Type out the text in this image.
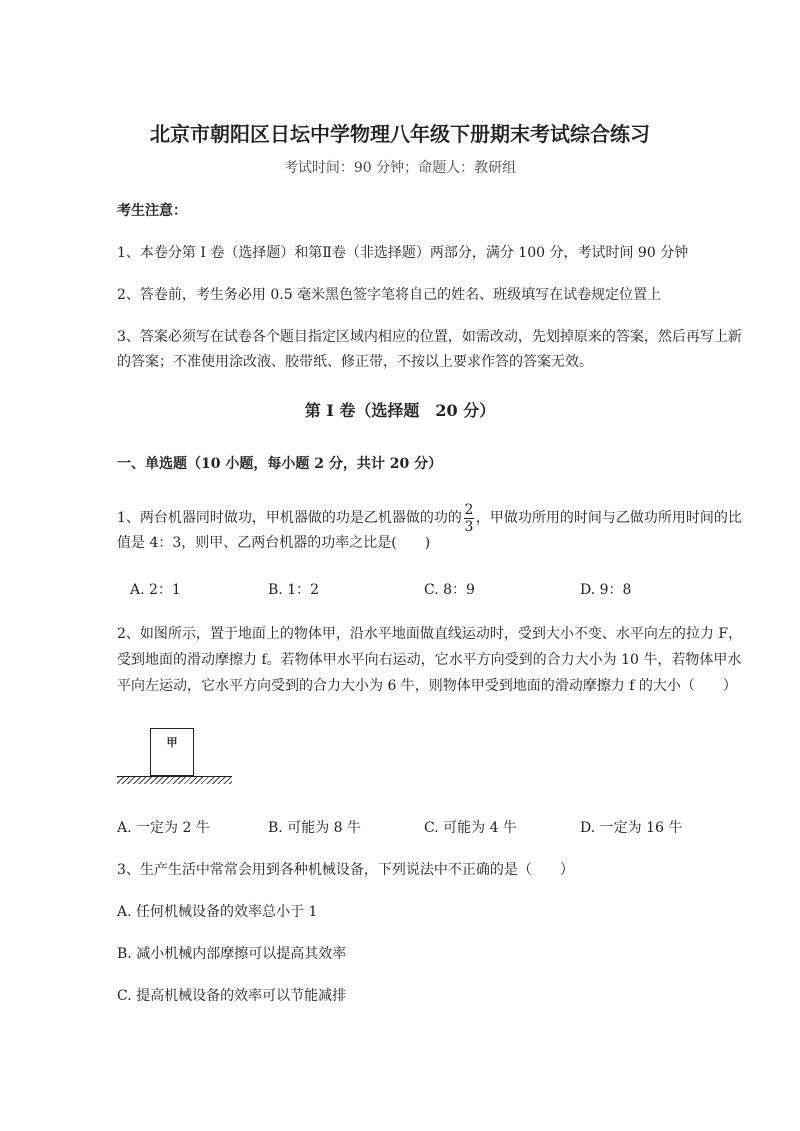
北京市朝阳区日坛中学物理八年级下册期末考试综合练习
考试时间：90 分钟；命题人：教研组
考生注意：
1、本卷分第 I 卷（选择题）和第Ⅱ卷（非选择题）两部分，满分 100 分，考试时间 90 分钟
2、答卷前，考生务必用 0.5 毫米黑色签字笔将自己的姓名、班级填写在试卷规定位置上
3、答案必须写在试卷各个题目指定区域内相应的位置，如需改动，先划掉原来的答案，然后再写上新
的答案；不准使用涂改液、胶带纸、修正带，不按以上要求作答的答案无效。
第 I 卷（选择题　20 分）
一、单选题（10 小题，每小题 2 分，共计 20 分）
1、两台机器同时做功，甲机器做的功是乙机器做的功的 $\frac{2}{3}$ ，甲做功所用的时间与乙做功所用时间的比
值是 4：3，则甲、乙两台机器的功率之比是(　　)
A. 2：1	B. 1：2	C. 8：9	D. 9：8
2、如图所示，置于地面上的物体甲，沿水平地面做直线运动时，受到大小不变、水平向左的拉力 F，
受到地面的滑动摩擦力 f。若物体甲水平向右运动，它水平方向受到的合力大小为 10 牛，若物体甲水
平向左运动，它水平方向受到的合力大小为 6 牛，则物体甲受到地面的滑动摩擦力 f 的大小（　　）
甲
A. 一定为 2 牛	B. 可能为 8 牛	C. 可能为 4 牛	D. 一定为 16 牛
3、生产生活中常常会用到各种机械设备，下列说法中不正确的是（　　）
A. 任何机械设备的效率总小于 1
B. 减小机械内部摩擦可以提高其效率
C. 提高机械设备的效率可以节能减排
